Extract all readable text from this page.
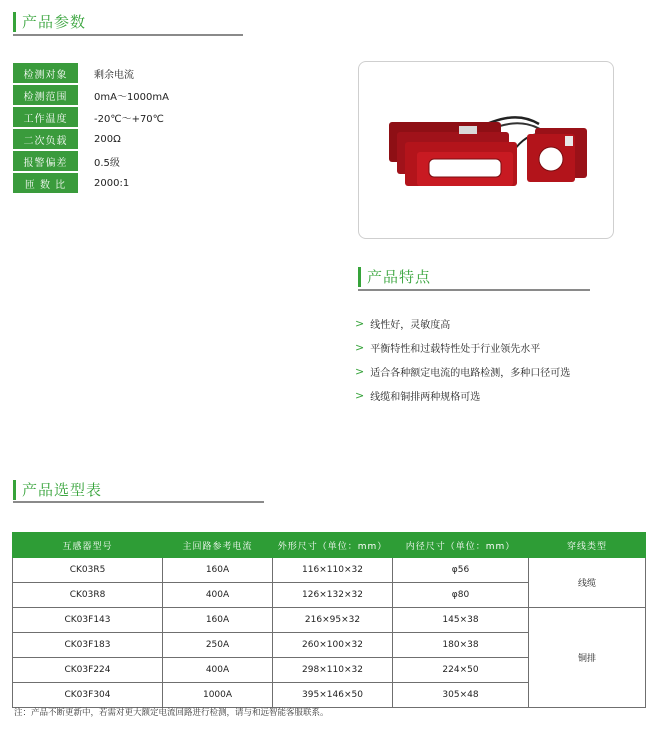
产品参数
检测对象	剩余电流
检测范围	0mA～1000mA
工作温度	-20℃～+70℃
二次负载	200Ω
报警偏差	0.5级
匝 数 比	2000:1
产品特点
> 线性好，灵敏度高
> 平衡特性和过载特性处于行业领先水平
> 适合各种额定电流的电路检测，多种口径可选
> 线缆和铜排两种规格可选
产品选型表
互感器型号	主回路参考电流	外形尺寸（单位：mm）	内径尺寸（单位：mm）	穿线类型
CK03R5	160A	116×110×32	φ56	线缆
CK03R8	400A	126×132×32	φ80	
CK03F143	160A	216×95×32	145×38	铜排
CK03F183	250A	260×100×32	180×38	
CK03F224	400A	298×110×32	224×50	
CK03F304	1000A	395×146×50	305×48	
注：产品不断更新中，若需对更大额定电流回路进行检测，请与和远智能客服联系。
